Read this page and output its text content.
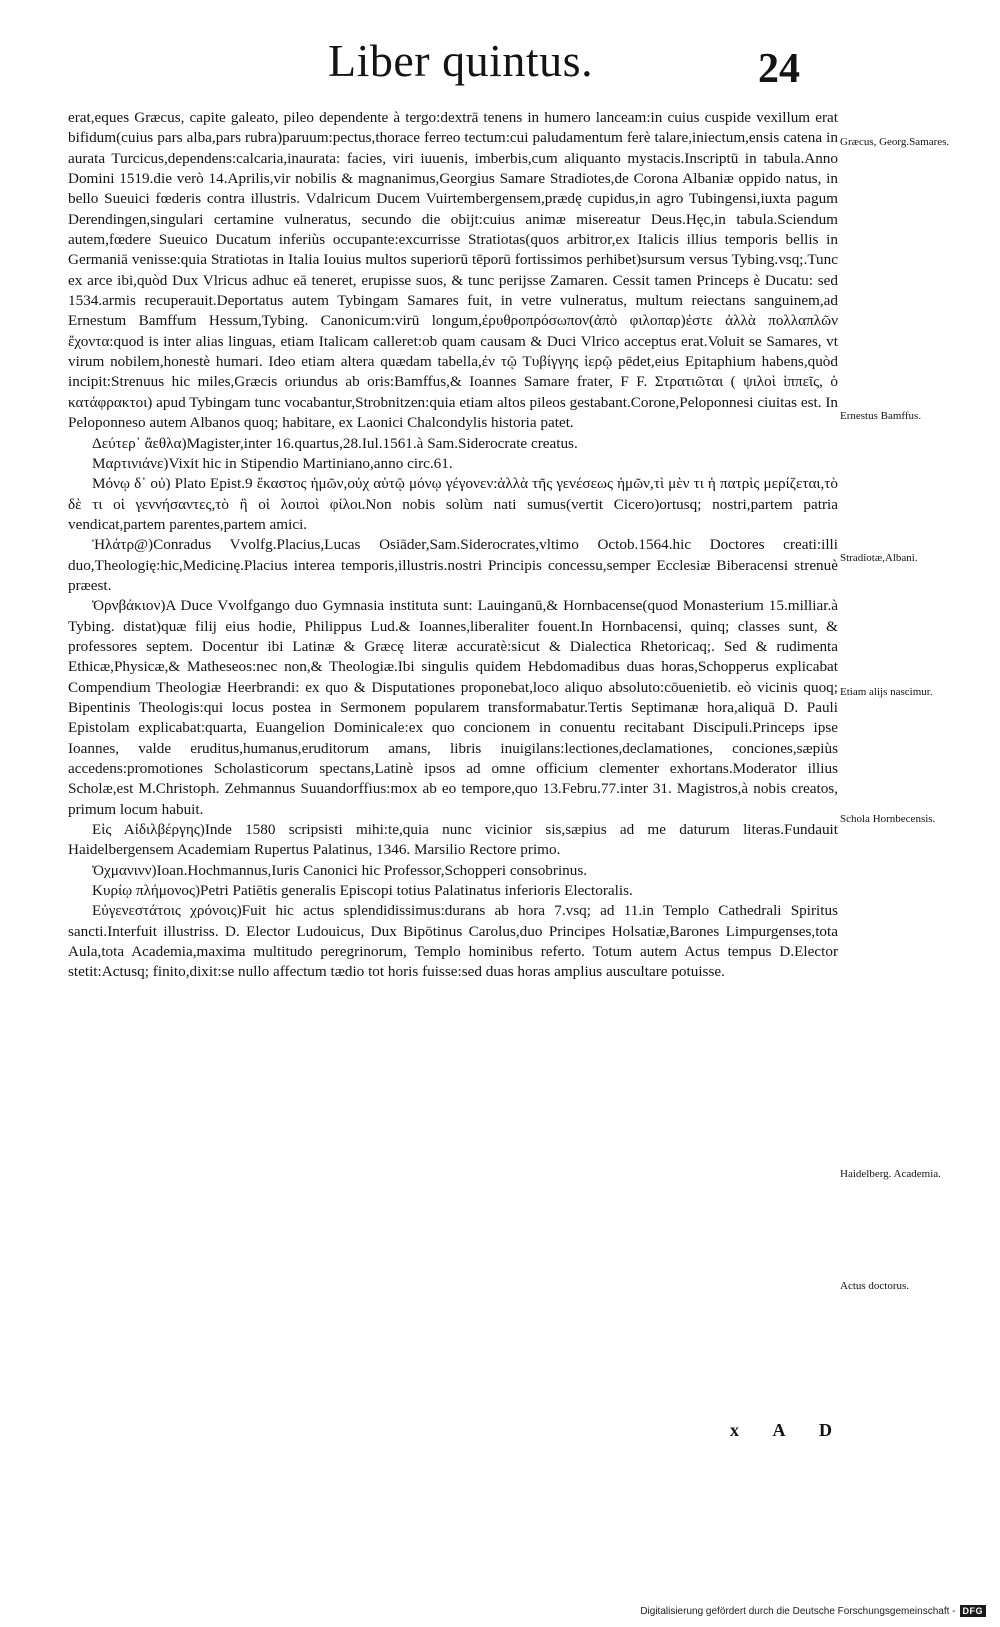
Liber quintus.	24

erat,eques Græcus, capite galeato, pileo dependente à tergo:dextrā tenens in humero lanceam:in cuius cuspide vexillum erat bifidum(cuius pars alba,pars rubra)paruum:pectus,thorace ferreo tectum:cui paludamentum ferè talare,iniectum,ensis catena in aurata Turcicus,dependens:calcaria,inaurata: facies, viri iuuenis, imberbis,cum aliquanto mystacis.Inscriptū in tabula.Anno Domini 1519.die verò 14.Aprilis,vir nobilis & magnanimus,Georgius Samare Stradiotes,de Corona Albaniæ oppido natus, in bello Sueuici fœderis contra illustris. Vdalricum Ducem Vuirtembergensem,prædę cupidus,in agro Tubingensi,iuxta pagum Derendingen,singulari certamine vulneratus, secundo die obijt:cuius animæ misereatur Deus.Hęc,in tabula.Sciendum autem,fœdere Sueuico Ducatum inferiùs occupante:excurrisse Stratiotas(quos arbitror,ex Italicis illius temporis bellis in Germaniā venisse:quia Stratiotas in Italia Iouius multos superiorū tēporū fortissimos perhibet)sursum versus Tybing.vsq;.Tunc ex arce ibi,quòd Dux Vlricus adhuc eā teneret, erupisse suos, & tunc perijsse Zamaren. Cessit tamen Princeps è Ducatu: sed 1534.armis recuperauit.Deportatus autem Tybingam Samares fuit, in vetre vulneratus, multum reiectans sanguinem,ad Ernestum Bamffum Hessum,Tybing. Canonicum:virū longum,ἐρυθροπρόσωπον(ἀπὸ φιλοπαρ)ἐστε ἀλλὰ πολλαπλῶν ἔχοντα:quod is inter alias linguas, etiam Italicam calleret:ob quam causam & Duci Vlrico acceptus erat.Voluit se Samares, vt virum nobilem,honestè humari. Ideo etiam altera quædam tabella,ἐν τῷ Τυβίγγης ἱερῷ pēdet,eius Epitaphium habens,quòd incipit:Strenuus hic miles,Græcis oriundus ab oris:Bamffus,& Ioannes Samare frater, F F. Στρατιῶται ( ψιλοὶ ἱππεῖς, ὁ κατάφρακτοι) apud Tybingam tunc vocabantur,Strobnitzen:quia etiam altos pileos gestabant.Corone,Peloponnesi ciuitas est. In Peloponneso autem Albanos quoq; habitare, ex Laonici Chalcondylis historia patet.

Δεύτερ᾽ ἄεθλα)Magister,inter 16.quartus,28.Iul.1561.à Sam.Siderocrate creatus.

Μαρτινιάνε)Vixit hic in Stipendio Martiniano,anno circ.61.

Μόνῳ δ᾽ οὐ) Plato Epist.9 ἕκαστος ἡμῶν,οὐχ αὑτῷ μόνῳ γέγονεν:ἀλλὰ τῆς γενέσεως ἡμῶν,τὶ μὲν τι ἡ πατρὶς μερίζεται,τὸ δὲ τι οἱ γεννήσαντες,τὸ ἢ οἱ λοιποὶ φίλοι.Non nobis solùm nati sumus(vertit Cicero)ortusq; nostri,partem patria vendicat,partem parentes,partem amici.

Ἠλάτρ@)Conradus Vvolfg.Placius,Lucas Osiāder,Sam.Siderocrates,vltimo Octob.1564.hic Doctores creati:illi duo,Theologię:hic,Medicinę.Placius interea temporis,illustris.nostri Principis concessu,semper Ecclesiæ Biberacensi strenuè præest.

Ὀρνβάκιον)A Duce Vvolfgango duo Gymnasia instituta sunt: Lauinganū,& Hornbacense(quod Monasterium 15.milliar.à Tybing. distat)quæ filij eius hodie, Philippus Lud.& Ioannes,liberaliter fouent.In Hornbacensi, quinq; classes sunt, & professores septem. Docentur ibi Latinæ & Græcę literæ accuratè:sicut & Dialectica Rhetoricaq;. Sed & rudimenta Ethicæ,Physicæ,& Matheseos:nec non,& Theologiæ.Ibi singulis quidem Hebdomadibus duas horas,Schopperus explicabat Compendium Theologiæ Heerbrandi: ex quo & Disputationes proponebat,loco aliquo absoluto:cōuenietib. eò vicinis quoq; Bipentinis Theologis:qui locus postea in Sermonem popularem transformabatur.Tertis Septimanæ hora,aliquā D. Pauli Epistolam explicabat:quarta, Euangelion Dominicale:ex quo concionem in conuentu recitabant Discipuli.Princeps ipse Ioannes, valde eruditus,humanus,eruditorum amans, libris inuigilans:lectiones,declamationes, conciones,sæpiùs accedens:promotiones Scholasticorum spectans,Latinè ipsos ad omne officium clementer exhortans.Moderator illius Scholæ,est M.Christoph. Zehmannus Suuandorffius:mox ab eo tempore,quo 13.Febru.77.inter 31. Magistros,à nobis creatos, primum locum habuit.

Εἰς Αἰδιλβέργης)Inde 1580 scripsisti mihi:te,quia nunc vicinior sis,sæpius ad me daturum literas.Fundauit Haidelbergensem Academiam Rupertus Palatinus, 1346. Marsilio Rectore primo.

Ὀχμανινν)Ioan.Hochmannus,Iuris Canonici hic Professor,Schopperi consobrinus.

Κυρίῳ πλήμονος)Petri Patiētis generalis Episcopi totius Palatinatus inferioris Electoralis.

Εὐγενεστάτοις χρόνοις)Fuit hic actus splendidissimus:durans ab hora 7.vsq; ad 11.in Templo Cathedrali Spiritus sancti.Interfuit illustriss. D. Elector Ludouicus, Dux Bipōtinus Carolus,duo Principes Holsatiæ,Barones Limpurgenses,tota Aula,tota Academia,maxima multitudo peregrinorum, Templo hominibus referto. Totum autem Actus tempus D.Elector stetit:Actusq; finito,dixit:se nullo affectum tædio tot horis fuisse:sed duas horas amplius auscultare potuisse.

Græcus, Georg.Samares.
Ernestus Bamffus.
Stradiotæ,Albani.
Etiam alijs nascimur.
Schola Hornbecensis.
Haidelberg. Academia.
Actus doctorus.
x A D
Digitalisierung gefördert durch die Deutsche Forschungsgemeinschaft - DFG
